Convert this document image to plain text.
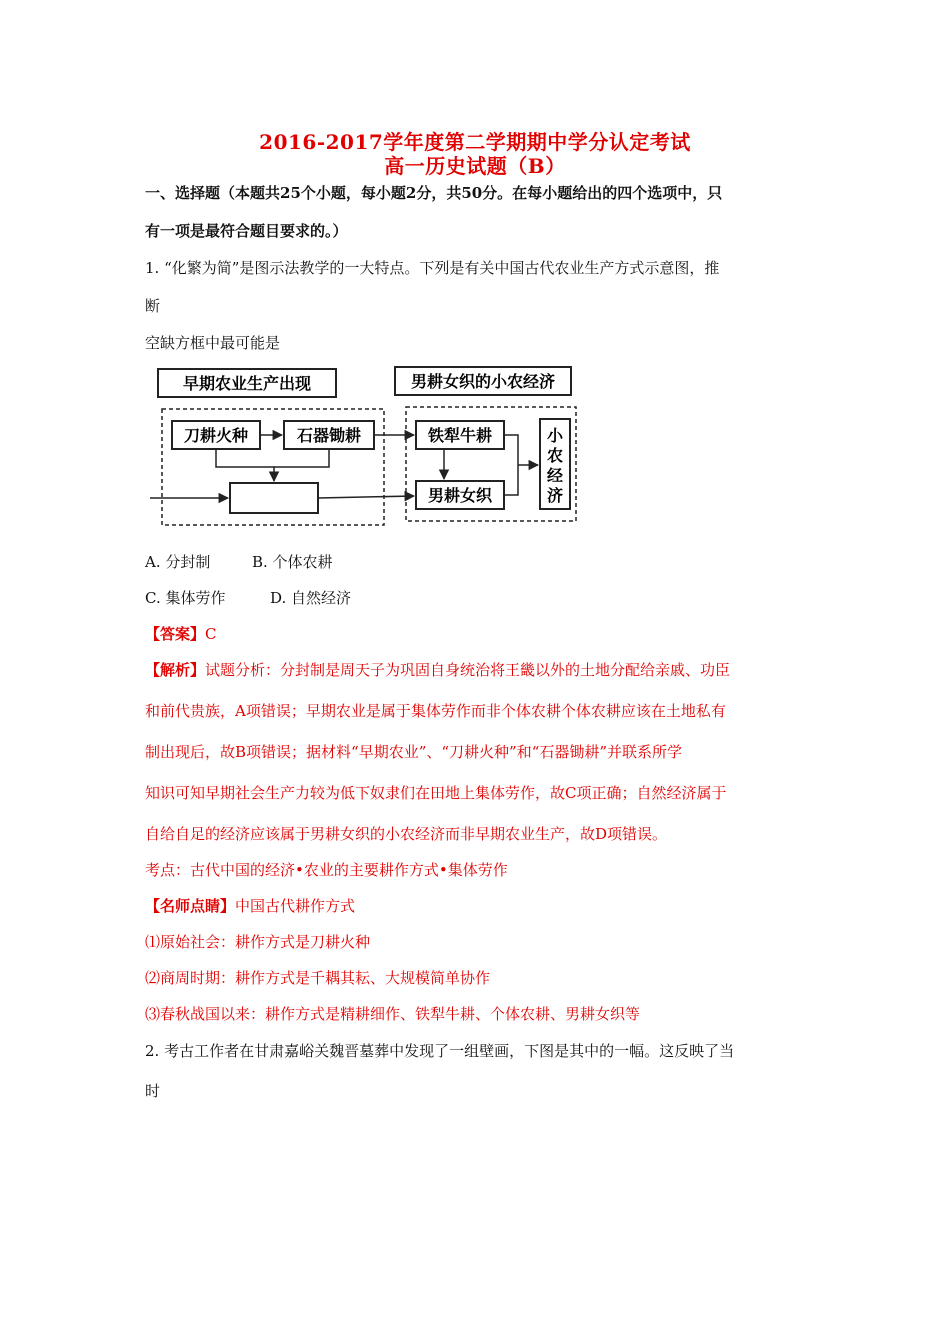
2016-2017学年度第二学期期中学分认定考试
高一历史试题（B）
一、选择题（本题共25个小题，每小题2分，共50分。在每小题给出的四个选项中，只
有一项是最符合题目要求的。）
1. “化繁为简”是图示法教学的一大特点。下列是有关中国古代农业生产方式示意图，推
断
空缺方框中最可能是
早期农业生产出现	男耕女织的小农经济
刀耕火种	石器锄耕	铁犁牛耕
男耕女织
小
农
经
济
A. 分封制	B. 个体农耕
C. 集体劳作	D. 自然经济
【答案】C
【解析】试题分析：分封制是周天子为巩固自身统治将王畿以外的土地分配给亲戚、功臣
和前代贵族，A项错误；早期农业是属于集体劳作而非个体农耕个体农耕应该在土地私有
制出现后，故B项错误；据材料“早期农业”、“刀耕火种”和“石器锄耕”并联系所学
知识可知早期社会生产力较为低下奴隶们在田地上集体劳作，故C项正确；自然经济属于
自给自足的经济应该属于男耕女织的小农经济而非早期农业生产，故D项错误。
考点：古代中国的经济•农业的主要耕作方式•集体劳作
【名师点睛】中国古代耕作方式
⑴原始社会：耕作方式是刀耕火种
⑵商周时期：耕作方式是千耦其耘、大规模简单协作
⑶春秋战国以来：耕作方式是精耕细作、铁犁牛耕、个体农耕、男耕女织等
2. 考古工作者在甘肃嘉峪关魏晋墓葬中发现了一组壁画，下图是其中的一幅。这反映了当
时
